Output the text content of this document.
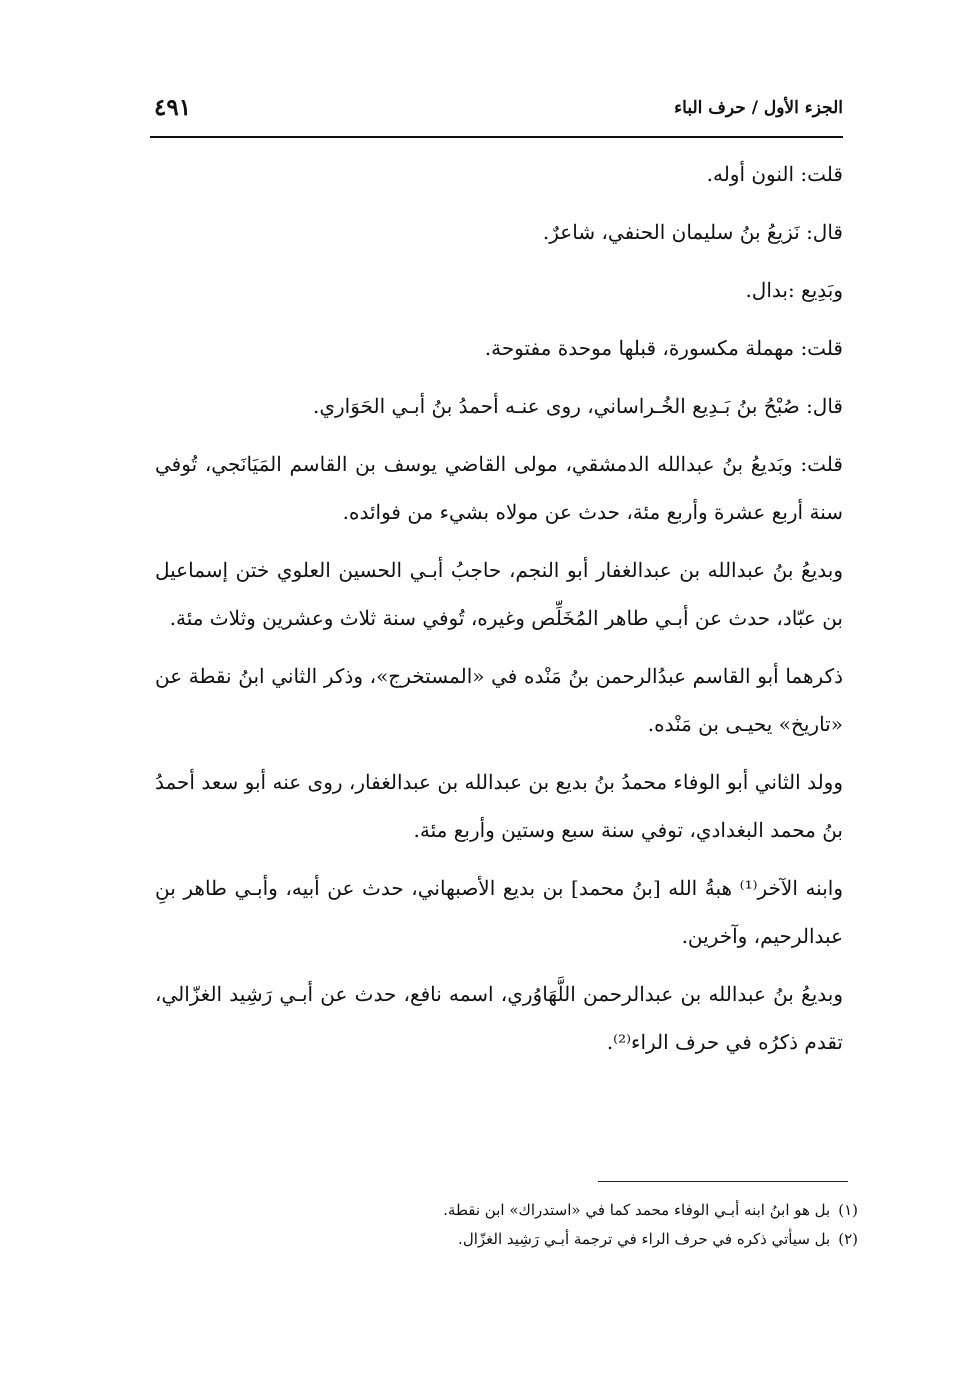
الجزء الأول / حرف الباء
٤٩١

قلت: النون أوله.

قال: نَزيعُ بنُ سليمان الحنفي، شاعرٌ.

وبَدِيع :بدال.

قلت: مهملة مكسورة، قبلها موحدة مفتوحة.

قال: صُبْحُ بنُ بَـدِيع الخُـراساني، روى عنـه أحمدُ بنُ أبـي الحَوَاري.

قلت: وبَديعُ بنُ عبدالله الدمشقي، مولى القاضي يوسف بن القاسم المَيَانَجي، تُوفي سنة أربع عشرة وأربع مئة، حدث عن مولاه بشيء من فوائده.

وبديعُ بنُ عبدالله بن عبدالغفار أبو النجم، حاجبُ أبـي الحسين العلوي ختن إسماعيل بن عبّاد، حدث عن أبـي طاهر المُخَلِّص وغيره، تُوفي سنة ثلاث وعشرين وثلاث مئة.

ذكرهما أبو القاسم عبدُالرحمن بنُ مَنْده في «المستخرج»، وذكر الثاني ابنُ نقطة عن «تاريخ» يحيـى بن مَنْده.

وولد الثاني أبو الوفاء محمدُ بنُ بديع بن عبدالله بن عبدالغفار، روى عنه أبو سعد أحمدُ بنُ محمد البغدادي، توفي سنة سبع وستين وأربع مئة.

وابنه الآخر⁽¹⁾ هبةُ الله [بنُ محمد] بن بديع الأصبهاني، حدث عن أبيه، وأبـي طاهر بنِ عبدالرحيم، وآخرين.

وبديعُ بنُ عبدالله بن عبدالرحمن اللَّهَاوُري، اسمه نافع، حدث عن أبـي رَشِيد الغزّالي، تقدم ذكرُه في حرف الراء⁽²⁾.

(١)بل هو ابنُ ابنه أبـي الوفاء محمد كما في «استدراك» ابن نقطة.

(٢)بل سيأتي ذكره في حرف الراء في ترجمة أبـي رَشِيد الغزّال.
